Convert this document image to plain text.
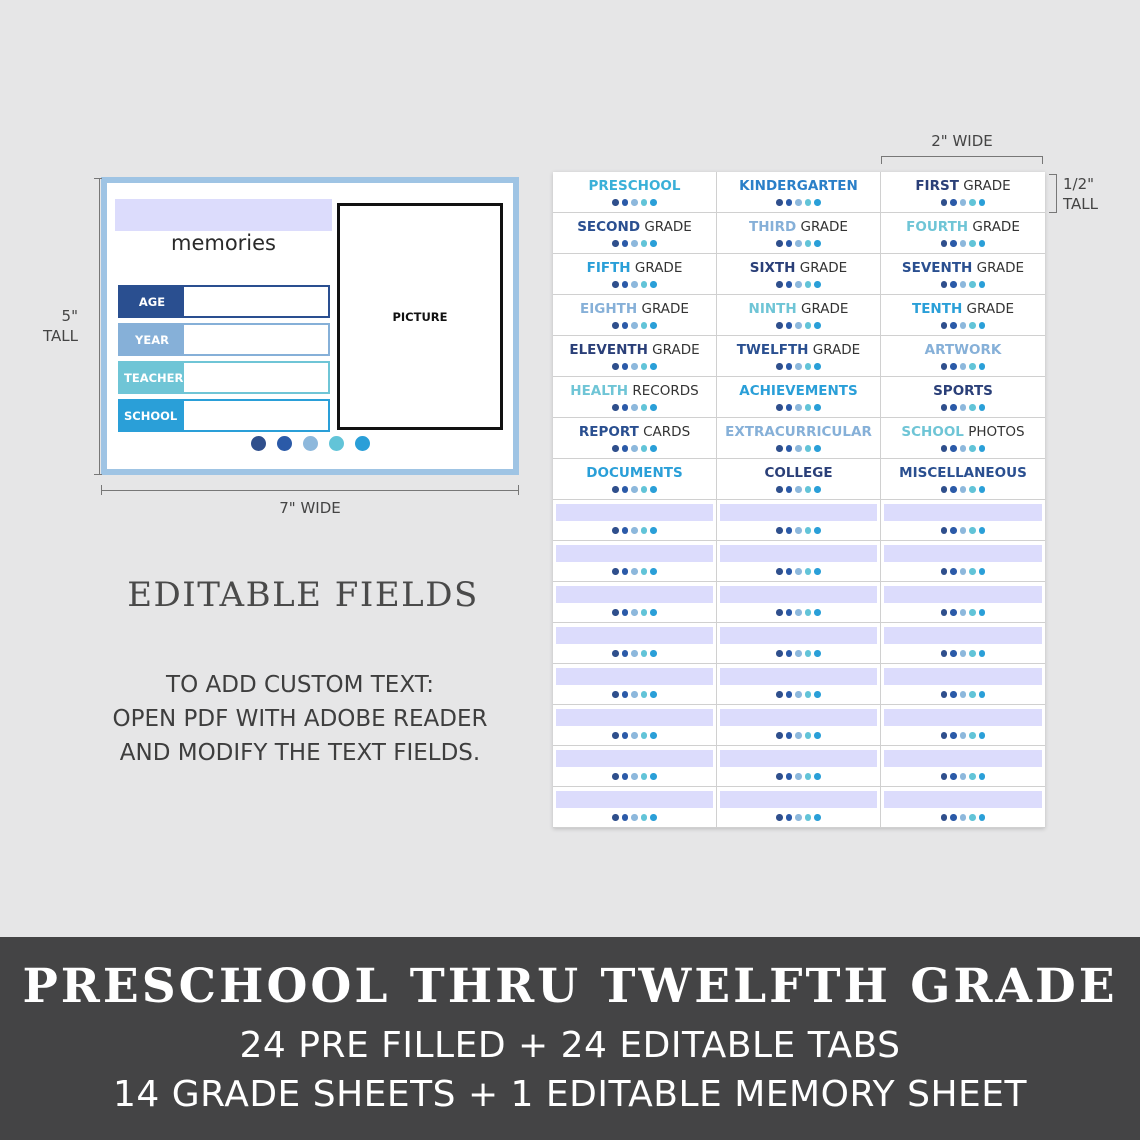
memories
AGE
YEAR
TEACHER
SCHOOL
PICTURE
5"
TALL
7" WIDE
2" WIDE
1/2"
TALL
EDITABLE FIELDS
TO ADD CUSTOM TEXT:
OPEN PDF WITH ADOBE READER
AND MODIFY THE TEXT FIELDS.
PRESCHOOL	KINDERGARTEN	FIRST GRADE
SECOND GRADE	THIRD GRADE	FOURTH GRADE
FIFTH GRADE	SIXTH GRADE	SEVENTH GRADE
EIGHTH GRADE	NINTH GRADE	TENTH GRADE
ELEVENTH GRADE	TWELFTH GRADE	ARTWORK
HEALTH RECORDS	ACHIEVEMENTS	SPORTS
REPORT CARDS	EXTRACURRICULAR	SCHOOL PHOTOS
DOCUMENTS	COLLEGE	MISCELLANEOUS
PRESCHOOL THRU TWELFTH GRADE
24 PRE FILLED + 24 EDITABLE TABS
14 GRADE SHEETS + 1 EDITABLE MEMORY SHEET
